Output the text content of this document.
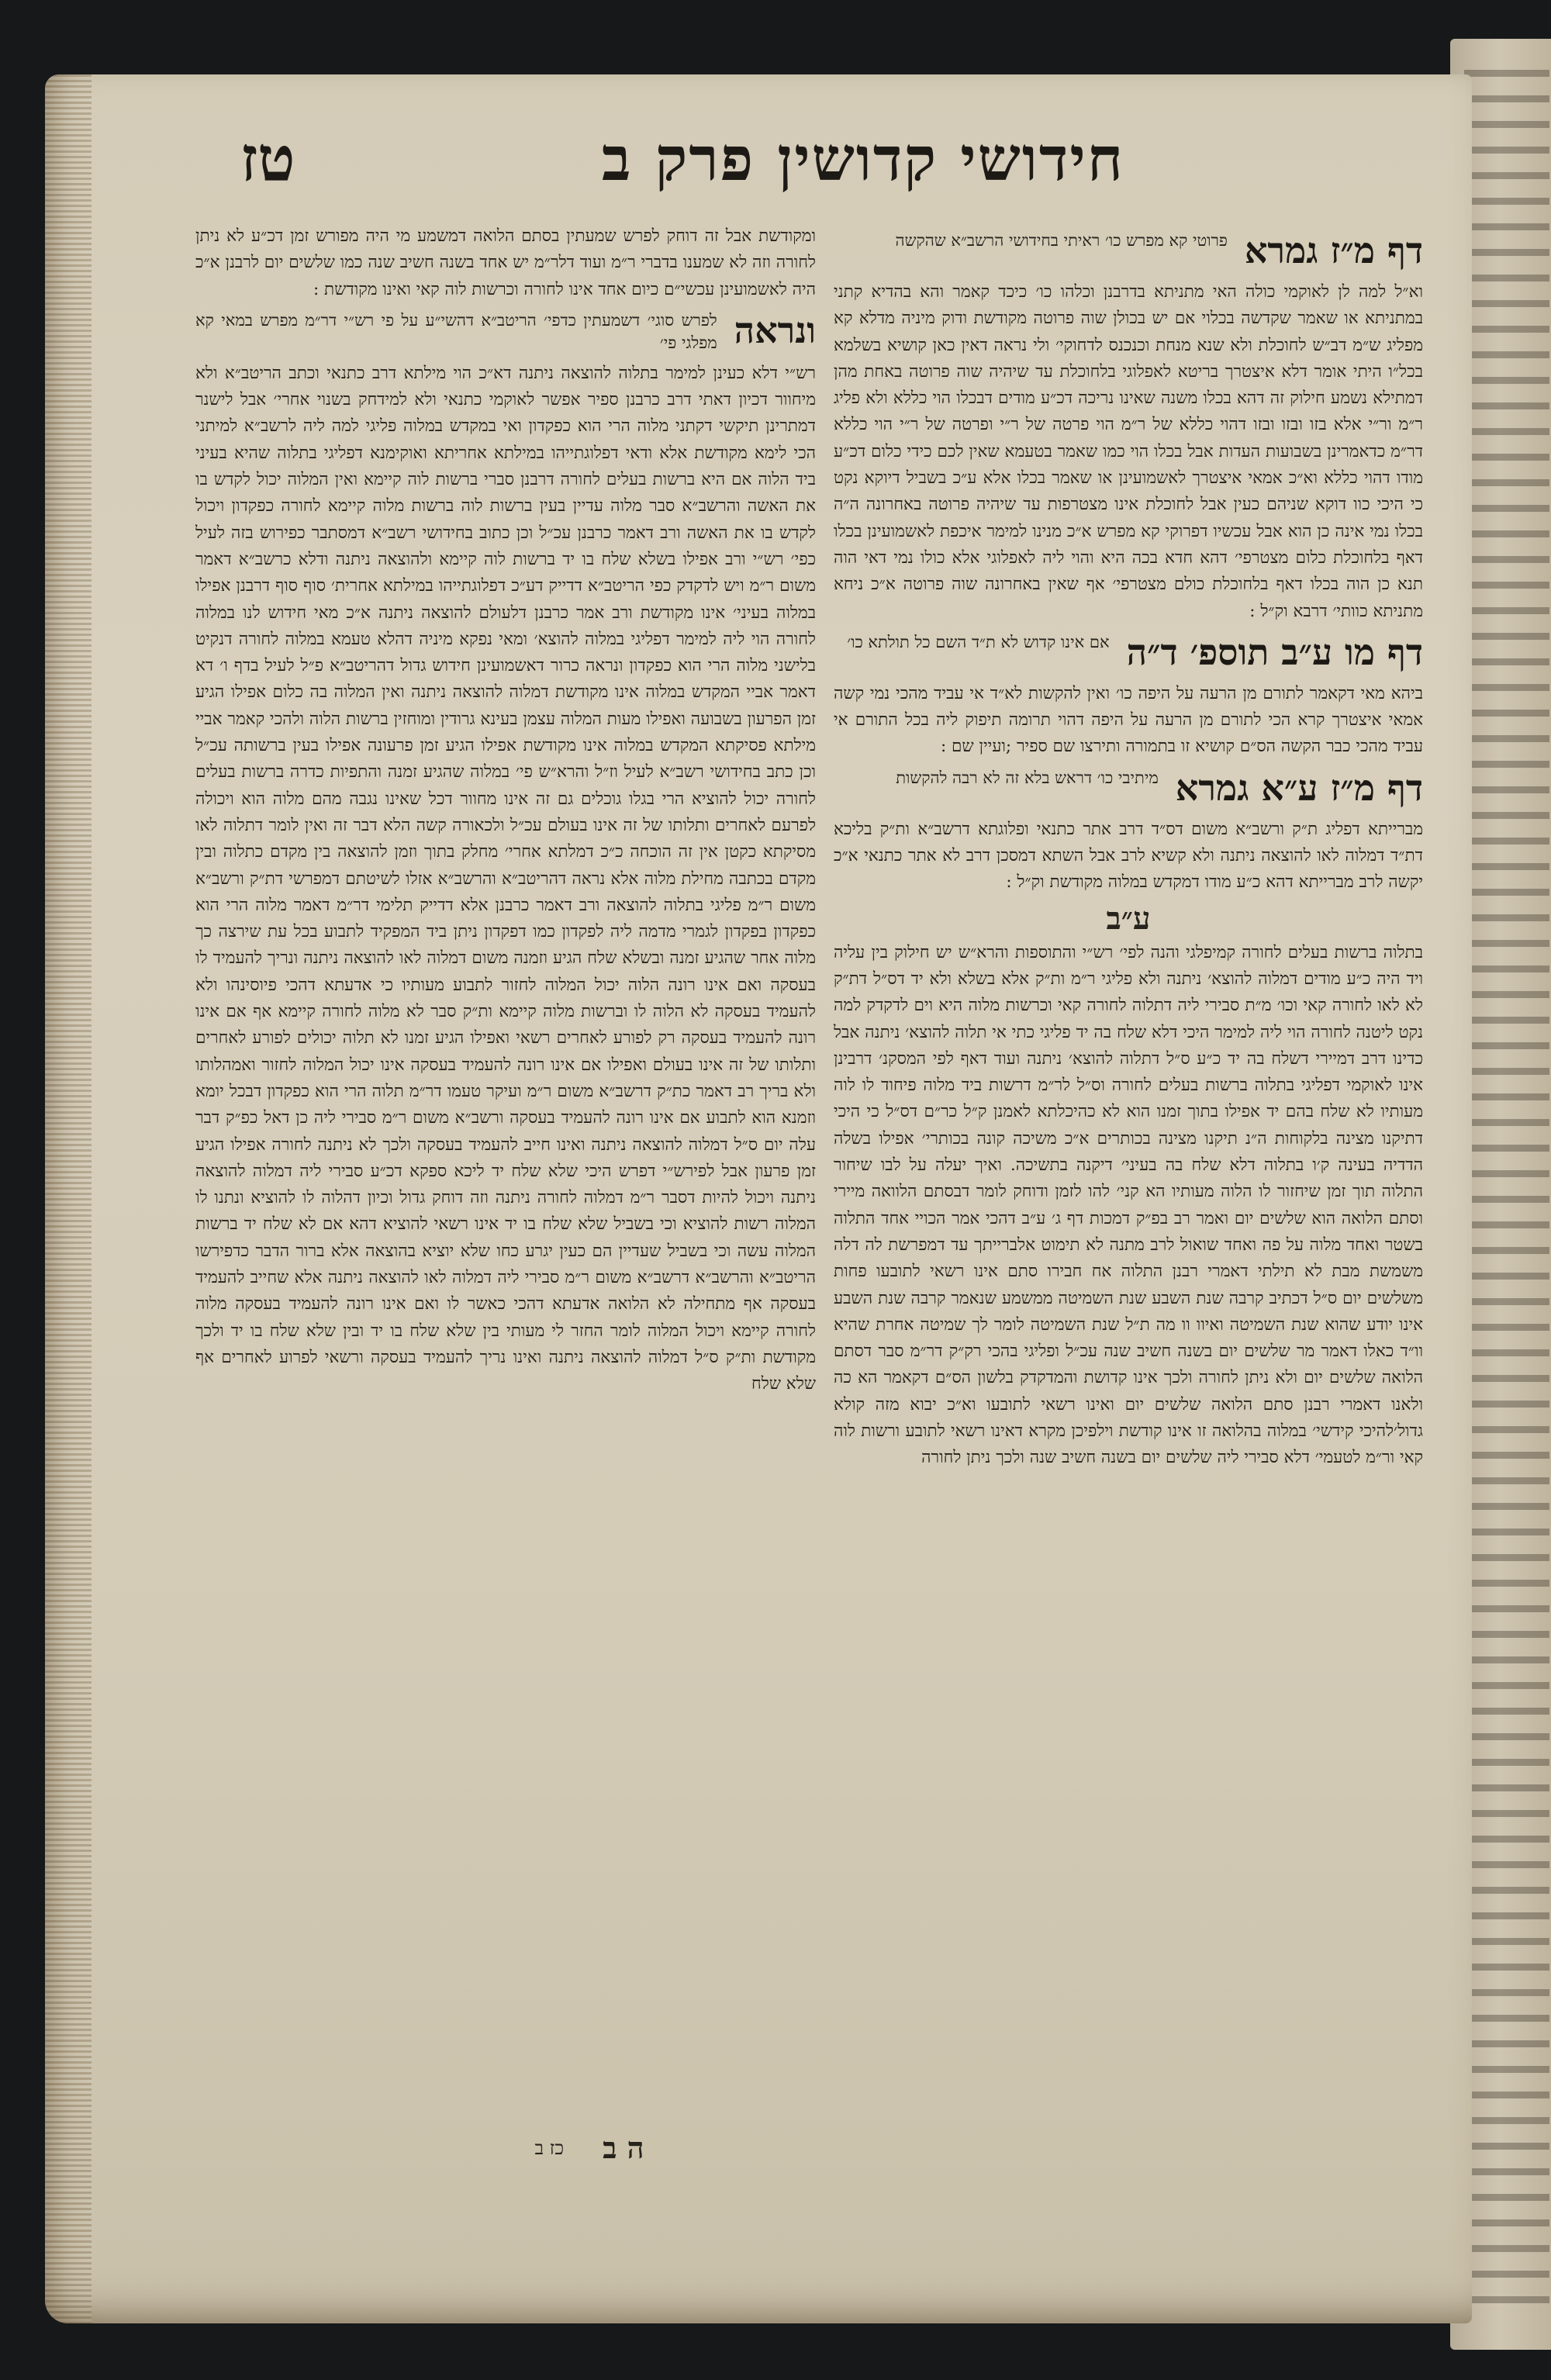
חידושי קדושין פרק ב
טז
דף מ״ז גמרא
פרוטי קא מפרש כו׳ ראיתי בחידושי הרשב״א שהקשה

וא״ל למה לן לאוקמי כולה האי מתניתא בדרבנן וכלהו כו׳ כיכד קאמר והא בהדיא קתני במתניתא או שאמר שקדשה בכלוי אם יש בכולן שוה פרוטה מקודשת ודוק מיניה מדלא קא מפליג ש״מ דב״ש לחוכלת ולא שנא מנחת וכנכנס לדחוקי׳ ולי נראה דאין כאן קושיא בשלמא בכל״ו היתי אומר דלא איצטרך בריטא לאפלוגי בלחוכלת עד שיהיה שוה פרוטה באחת מהן דמתילא נשמע חילוק זה דהא בכלו משנה שאינו נריכה דכ״ע מודים דבכלו הוי כללא ולא פליג ר״מ ור״י אלא בזו ובזו ובזו דהוי כללא של ר״מ הוי פרטה של ר״י ופרטה של ר״י הוי כללא דר״מ כדאמרינן בשבועות העדות אבל בכלו הוי כמו שאמר בטעמא שאין לכם כידי כלום דכ״ע מודו דהוי כללא וא״כ אמאי איצטרך לאשמועינן או שאמר בכלו אלא ע״כ בשביל דיוקא נקט כי היכי כוו דוקא שניהם כעין אבל לחוכלת אינו מצטרפות עד שיהיה פרוטה באחרונה ה״ה בכלו נמי אינה כן הוא אבל עכשיו דפרוקי קא מפרש א״כ מנינו למימר איכפת לאשמועינן בכלו דאף בלחוכלת כלום מצטרפי׳ דהא חדא בכה היא והוי ליה לאפלוגי אלא כולו נמי דאי הוה תנא כן הוה בכלו דאף בלחוכלת כולם מצטרפי׳ אף שאין באחרונה שוה פרוטה א״כ ניחא מתניתא כוותי׳ דרבא וק״ל :

דף מו ע״ב תוספ׳ ד״ה
אם אינו קדוש לא ת״ד השם כל תולתא כו׳

ביהא מאי דקאמר לתורם מן הרעה על היפה כו׳ ואין להקשות לא״ד אי עביד מהכי נמי קשה אמאי איצטרך קרא הכי לתורם מן הרעה על היפה דהוי תרומה תיפוק ליה בכל התורם אי עביד מהכי כבר הקשה הס״ם קושיא זו בתמורה ותירצו שם ספיר ;ועיין שם :

דף מ״ז ע״א גמרא
מיתיבי כו׳ דראש בלא זה לא רבה להקשות

מברייתא דפליג ת״ק ורשב״א משום דס״ד דרב אתר כתנאי ופלוגתא דרשב״א ות״ק בליכא דת״ד דמלוה לאו להוצאה ניתנה ולא קשיא לרב אבל השתא דמסכן דרב לא אתר כתנאי א״כ יקשה לרב מברייתא דהא כ״ע מודו דמקדש במלוה מקודשת וק״ל :

ע״ב

בתלוה ברשות בעלים לחורה קמיפלגי והנה לפי׳ רש״י והתוספות והרא״ש יש חילוק בין עליה ויד היה כ״ע מודים דמלוה להוצא׳ ניתנה ולא פליגי ר״מ ות״ק אלא בשלא ולא יד דס״ל דת״ק לא לאו לחורה קאי וכו׳ מ״ת סבירי ליה דתלוה לחורה קאי וכרשות מלוה היא וים לדקדק למה נקט ליטנה לחורה הוי ליה למימר היכי דלא שלח בה יד פליגי כתי אי תלוה להוצא׳ ניתנה אבל כדינו דרב דמיירי דשלח בה יד כ״ע ס״ל דתלוה להוצא׳ ניתנה ועוד דאף לפי המסקנ׳ דרבינן אינו לאוקמי דפליגי בתלוה ברשות בעלים לחורה וס״ל לר״מ דרשות ביד מלוה פיחוד לו לוה מעותיו לא שלח בהם יד אפילו בתוך זמנו הוא לא כהיכלתא לאמנן ק״ל כר״ם דס״ל כי היכי דתיקנו מצינה בלקוחות ה״נ תיקנו מצינה בכותרים א״כ משיכה קונה בכותרי׳ אפילו בשלה הדדיה בעינה ק׳ו בתלוה דלא שלח בה בעיני׳ דיקנה בתשיכה. ואיך יעלה על לבו שיחור התלוה תוך זמן שיחזור לו הלוה מעותיו הא קני׳ להו לזמן ודוחק לומר דבסתם הלוואה מיירי וסתם הלואה הוא שלשים יום ואמר רב בפ״ק דמכות דף ג׳ ע״ב דהכי אמר הכויי אחד התלוה בשטר ואחד מלוה על פה ואחד שואול לרב מתנה לא תימוט אלברייתך עד דמפרשת לה דלה משמשת מבת לא תילתי דאמרי רבנן התלוה אח חבירו סתם אינו רשאי לתובעו פחות משלשים יום ס״ל דכתיב קרבה שנת השבע שנת השמיטה ממשמע שנאמר קרבה שנת השבע אינו יודע שהוא שנת השמיטה ואיוו וו מה ת״ל שנת השמיטה לומר לך שמיטה אחרת שהיא וו״ד כאלו דאמר מר שלשים יום בשנה חשיב שנה עכ״ל ופליגי בהכי רק״ק דר״מ סבר דסתם הלואה שלשים יום ולא ניתן לחורה ולכך אינו קדושת והמדקדק בלשון הס״ם דקאמר הא כה ולאנו דאמרי רבנן סתם הלואה שלשים יום ואינו רשאי לתובעו וא״כ יבוא מזה קולא גדול׳להיכי קידשי׳ במלוה בהלואה זו אינו קודשת וילפיכן מקרא דאינו רשאי לתובע ורשות לוה קאי ור״מ לטעמי׳ דלא סבירי ליה שלשים יום בשנה חשיב שנה ולכך ניתן לחורה

ומקודשת אבל זה דוחק לפרש שמעתין בסתם הלואה דמשמע מי היה מפורש זמן דכ״ע לא ניתן לחורה וזה לא שמענו בדברי ר״מ ועוד דלר״מ יש אחד בשנה חשיב שנה כמו שלשים יום לרבנן א״כ היה לאשמועינן עכשי״ם כיום אחד אינו לחורה וכרשות לוה קאי ואינו מקודשת :

ונראה
לפרש סוגי׳ דשמעתין כדפי׳ הריטב״א דהשי״ע על פי רש״י דר״מ מפרש במאי קא מפלגי פי׳

רש״י דלא כעינן למימר בתלוה להוצאה ניתנה דא״כ הוי מילתא דרב כתנאי וכתב הריטב״א ולא מיחוור דכיון דאתי דרב כרבנן ספיר אפשר לאוקמי כתנאי ולא למידחק בשנוי אחרי׳ אבל לישנר דמתרינן תיקשי דקתני מלוה הרי הוא כפקדון ואי במקדש במלוה פליגי למה ליה לרשב״א למיתני הכי לימא מקודשת אלא ודאי דפלוגתייהו במילתא אחריתא ואוקימנא דפליגי בתלוה שהיא בעיני ביד הלוה אם היא ברשות בעלים לחורה דרבנן סברי ברשות לוה קיימא ואין המלוה יכול לקדש בו את האשה והרשב״א סבר מלוה עדיין בעין ברשות לוה ברשות מלוה קיימא לחורה כפקדון ויכול לקדש בו את האשה ורב דאמר כרבנן עכ״ל וכן כתוב בחידושי רשב״א דמסתבר כפירוש בזה לעיל כפי׳ רש״י ורב אפילו בשלא שלח בו יד ברשות לוה קיימא ולהוצאה ניתנה ודלא כרשב״א דאמר משום ר״מ ויש לדקדק כפי הריטב״א דדייק דע״כ דפלוגתייהו במילתא אחרית׳ סוף סוף דרבנן אפילו במלוה בעיני׳ אינו מקודשת ורב אמר כרבנן דלעולם להוצאה ניתנה א״כ מאי חידוש לנו במלוה לחורה הוי ליה למימר דפליגי במלוה להוצא׳ ומאי נפקא מיניה דהלא טעמא במלוה לחורה דנקיט בלישני מלוה הרי הוא כפקדון ונראה כרור דאשמועינן חידוש גדול דהריטב״א פ״ל לעיל בדף ו׳ דא דאמר אביי המקדש במלוה אינו מקודשת דמלוה להוצאה ניתנה ואין המלוה בה כלום אפילו הגיע זמן הפרעון בשבועה ואפילו מעות המלוה עצמן בעינא גרודין ומוחזין ברשות הלוה ולהכי קאמר אביי מילתא פסיקתא המקדש במלוה אינו מקודשת אפילו הגיע זמן פרעונה אפילו בעין ברשותה עכ״ל וכן כתב בחידושי רשב״א לעיל וז״ל והרא״ש פי׳ במלוה שהגיע זמנה והתפיות כדרה ברשות בעלים לחורה יכול להוציא הרי בגלו גוכלים גם זה אינו מחוור דכל שאינו נגבה מהם מלוה הוא ויכולה לפרעם לאחרים ותלותו של זה אינו בעולם עכ״ל ולכאורה קשה הלא דבר זה ואין לומר דתלוה לאו מסיקתא כקטן אין זה הוכחה כ״כ דמלתא אחרי׳ מחלק בתוך וזמן להוצאה בין מקדם כתלוה ובין מקדם בכתבה מחילת מלוה אלא נראה דהריטב״א והרשב״א אזלו לשיטתם דמפרשי דת״ק ורשב״א משום ר״מ פליגי בתלוה להוצאה ורב דאמר כרבנן אלא דדייק תלימי דר״מ דאמר מלוה הרי הוא כפקדון בפקדון לגמרי מדמה ליה לפקדון כמו דפקדון ניתן ביד המפקיד לתבוע בכל עת שירצה כך מלוה אחר שהגיע זמנה ובשלא שלח הגיע וזמנה משום דמלוה לאו להוצאה ניתנה ונריך להעמיד לו בעסקה ואם אינו רונה הלוה יכול המלוה לחזור לתבוע מעותיו כי אדעתא דהכי פיוסינהו ולא להעמיד בעסקה לא הלוה לו וברשות מלוה קיימא ות״ק סבר לא מלוה לחורה קיימא אף אם אינו רונה להעמיד בעסקה רק לפורע לאחרים רשאי ואפילו הגיע זמנו לא תלוה יכולים לפורע לאחרים ותלותו של זה אינו בעולם ואפילו אם אינו רונה להעמיד בעסקה אינו יכול המלוה לחזור ואמהלותו ולא בריך רב דאמר כת״ק דרשב״א משום ר״מ ועיקר טעמו דר״מ תלוה הרי הוא כפקדון דבכל יומא וזמנא הוא לתבוע אם אינו רונה להעמיד בעסקה ורשב״א משום ר״מ סבירי ליה כן דאל כפ״ק דבר עלה יום ס״ל דמלוה להוצאה ניתנה ואינו חייב להעמיד בעסקה ולכך לא ניתנה לחורה אפילו הגיע זמן פרעון אבל לפירש״י דפרש היכי שלא שלח יד ליכא ספקא דכ״ע סבירי ליה דמלוה להוצאה ניתנה ויכול להיות דסבר ר״מ דמלוה לחורה ניתנה וזה דוחק גדול וכיון דהלוה לו להוציא ונתנו לו המלוה רשות להוציא וכי בשביל שלא שלח בו יד אינו רשאי להוציא דהא אם לא שלח יד ברשות המלוה עשה וכי בשביל שעדיין הם כעין יגרע כחו שלא יוציא בהוצאה אלא ברור הדבר כדפירשו הריטב״א והרשב״א דרשב״א משום ר״מ סבירי ליה דמלוה לאו להוצאה ניתנה אלא שחייב להעמיד בעסקה אף מתחילה לא הלואה אדעתא דהכי כאשר לו ואם אינו רונה להעמיד בעסקה מלוה לחורה קיימא ויכול המלוה לומר החזר לי מעותי בין שלא שלח בו יד ובין שלא שלח בו יד ולכך מקודשת ות״ק ס״ל דמלוה להוצאה ניתנה ואינו נריך להעמיד בעסקה ורשאי לפרוע לאחרים אף שלא שלח

ה ב
כז ב
